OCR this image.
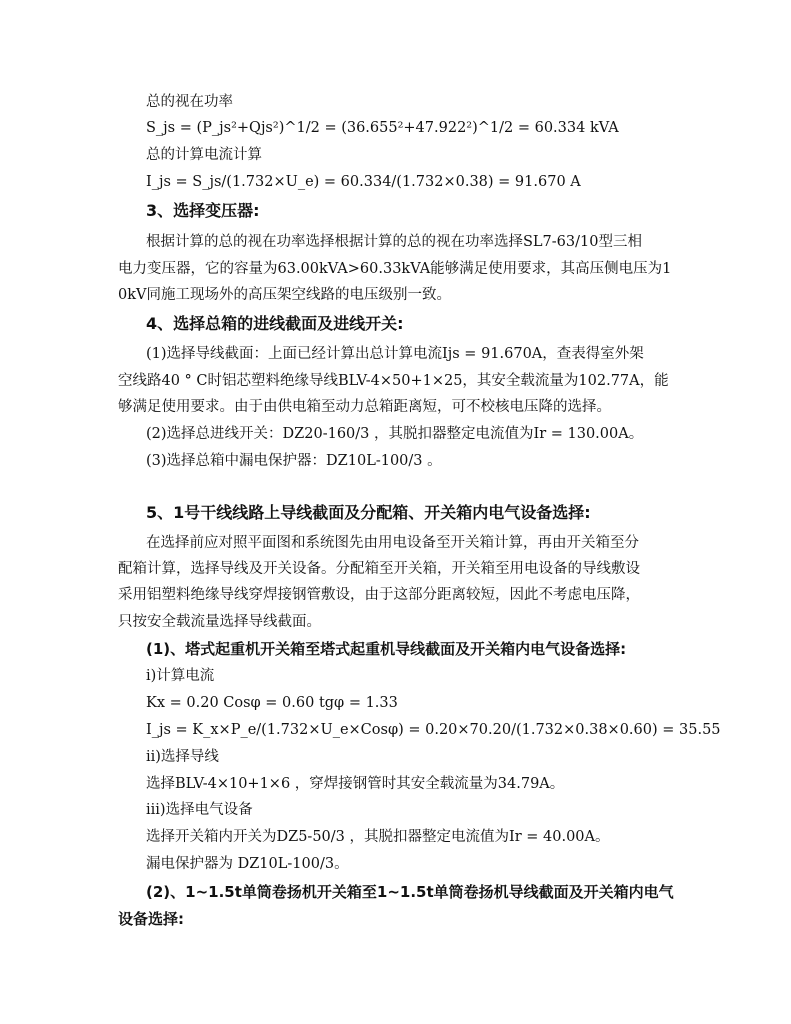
总的视在功率
S_js = (P_js²+Qjs²)^1/2 = (36.655²+47.922²)^1/2 = 60.334 kVA
总的计算电流计算
I_js = S_js/(1.732×U_e) = 60.334/(1.732×0.38) = 91.670 A
3、选择变压器:
根据计算的总的视在功率选择根据计算的总的视在功率选择SL7-63/10型三相
电力变压器，它的容量为63.00kVA>60.33kVA能够满足使用要求，其高压侧电压为1
0kV同施工现场外的高压架空线路的电压级别一致。
4、选择总箱的进线截面及进线开关:
(1)选择导线截面：上面已经计算出总计算电流Ijs = 91.670A，查表得室外架
空线路40 ° C时铝芯塑料绝缘导线BLV-4×50+1×25，其安全载流量为102.77A，能
够满足使用要求。由于由供电箱至动力总箱距离短，可不校核电压降的选择。
(2)选择总进线开关：DZ20-160/3 ，其脱扣器整定电流值为Ir = 130.00A。
(3)选择总箱中漏电保护器：DZ10L-100/3 。
5、1号干线线路上导线截面及分配箱、开关箱内电气设备选择:
在选择前应对照平面图和系统图先由用电设备至开关箱计算，再由开关箱至分
配箱计算，选择导线及开关设备。分配箱至开关箱，开关箱至用电设备的导线敷设
采用铝塑料绝缘导线穿焊接钢管敷设，由于这部分距离较短，因此不考虑电压降，
只按安全载流量选择导线截面。
(1)、塔式起重机开关箱至塔式起重机导线截面及开关箱内电气设备选择:
i)计算电流
Kx = 0.20 Cosφ = 0.60 tgφ = 1.33
I_js = K_x×P_e/(1.732×U_e×Cosφ) = 0.20×70.20/(1.732×0.38×0.60) = 35.55
ii)选择导线
选择BLV-4×10+1×6 ，穿焊接钢管时其安全载流量为34.79A。
iii)选择电气设备
选择开关箱内开关为DZ5-50/3 ，其脱扣器整定电流值为Ir = 40.00A。
漏电保护器为 DZ10L-100/3。
(2)、1~1.5t单筒卷扬机开关箱至1~1.5t单筒卷扬机导线截面及开关箱内电气
设备选择:
